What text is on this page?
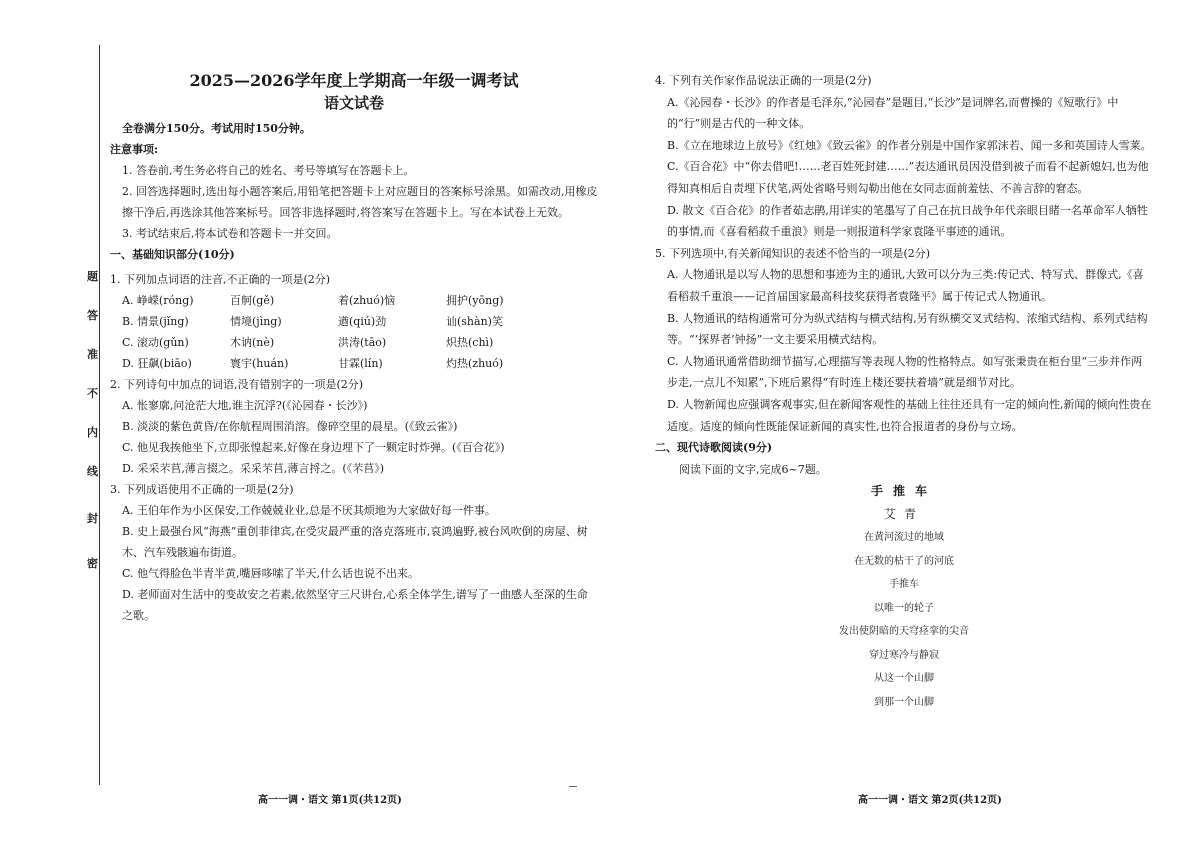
题
答
准
不
内
线
封
密
2025—2026学年度上学期高一年级一调考试
语文试卷

全卷满分150分。考试用时150分钟。

注意事项:

1. 答卷前,考生务必将自己的姓名、考号等填写在答题卡上。

2. 回答选择题时,选出每小题答案后,用铅笔把答题卡上对应题目的答案标号涂黑。如需改动,用橡皮擦干净后,再选涂其他答案标号。回答非选择题时,将答案写在答题卡上。写在本试卷上无效。

3. 考试结束后,将本试卷和答题卡一并交回。

一、基础知识部分(10分)

1. 下列加点词语的注音,不正确的一项是(2分)

A. 峥嵘(róng)	百舸(gě)	着(zhuó)恼	拥护(yōng)
B. 情景(jǐng)	情境(jìng)	遒(qiú)劲	讪(shàn)笑
C. 滚动(gǔn)	木讷(nè)	洪涛(tāo)	炽热(chì)
D. 狂飙(biāo)	寰宇(huán)	甘霖(lín)	灼热(zhuó)

2. 下列诗句中加点的词语,没有错别字的一项是(2分)

A. 怅寥廓,问沧茫大地,谁主沉浮?(《沁园春・长沙》)

B. 淡淡的紫色黄昏/在你航程周围消溶。像碎空里的晨星。(《致云雀》)

C. 他见我挨他坐下,立即张惶起来,好像在身边埋下了一颗定时炸弹。(《百合花》)

D. 采采芣苢,薄言掇之。采采芣苢,薄言捋之。(《芣苢》)

3. 下列成语使用不正确的一项是(2分)

A. 王伯年作为小区保安,工作兢兢业业,总是不厌其烦地为大家做好每一件事。

B. 史上最强台风“海燕”重创菲律宾,在受灾最严重的洛克落班市,哀鸿遍野,被台风吹倒的房屋、树木、汽车残骸遍布街道。

C. 他气得脸色半青半黄,嘴唇哆嗦了半天,什么话也说不出来。

D. 老师面对生活中的变故安之若素,依然坚守三尺讲台,心系全体学生,谱写了一曲感人至深的生命之歌。

高一一调・语文 第1页(共12页)

4. 下列有关作家作品说法正确的一项是(2分)

A.《沁园春・长沙》的作者是毛泽东,“沁园春”是题目,“长沙”是词牌名,而曹操的《短歌行》中的“行”则是古代的一种文体。

B.《立在地球边上放号》《红烛》《致云雀》的作者分别是中国作家郭沫若、闻一多和英国诗人雪莱。

C.《百合花》中“你去借吧!……老百姓死封建……”表达通讯员因没借到被子而看不起新媳妇,也为他得知真相后自责埋下伏笔,两处省略号则勾勒出他在女同志面前羞怯、不善言辞的窘态。

D. 散文《百合花》的作者茹志鹃,用详实的笔墨写了自己在抗日战争年代亲眼目睹一名革命军人牺牲的事情,而《喜看稻菽千重浪》则是一则报道科学家袁隆平事迹的通讯。

5. 下列选项中,有关新闻知识的表述不恰当的一项是(2分)

A. 人物通讯是以写人物的思想和事迹为主的通讯,大致可以分为三类:传记式、特写式、群像式,《喜看稻菽千重浪——记首届国家最高科技奖获得者袁隆平》属于传记式人物通讯。

B. 人物通讯的结构通常可分为纵式结构与横式结构,另有纵横交叉式结构、浓缩式结构、系列式结构等。“‘探界者’钟扬”一文主要采用横式结构。

C. 人物通讯通常借助细节描写,心理描写等表现人物的性格特点。如写张秉贵在柜台里“三步并作两步走,一点儿不知累”,下班后累得“有时连上楼还要扶着墙”就是细节对比。

D. 人物新闻也应强调客观事实,但在新闻客观性的基础上往往还具有一定的倾向性,新闻的倾向性贵在适度。适度的倾向性既能保证新闻的真实性,也符合报道者的身份与立场。

二、现代诗歌阅读(9分)

阅读下面的文字,完成6~7题。

手推车
艾青
在黄河流过的地域
在无数的枯干了的河底
手推车
以唯一的轮子
发出使阴暗的天穹痉挛的尖音
穿过寒冷与静寂
从这一个山脚
到那一个山脚
高一一调・语文 第2页(共12页)
